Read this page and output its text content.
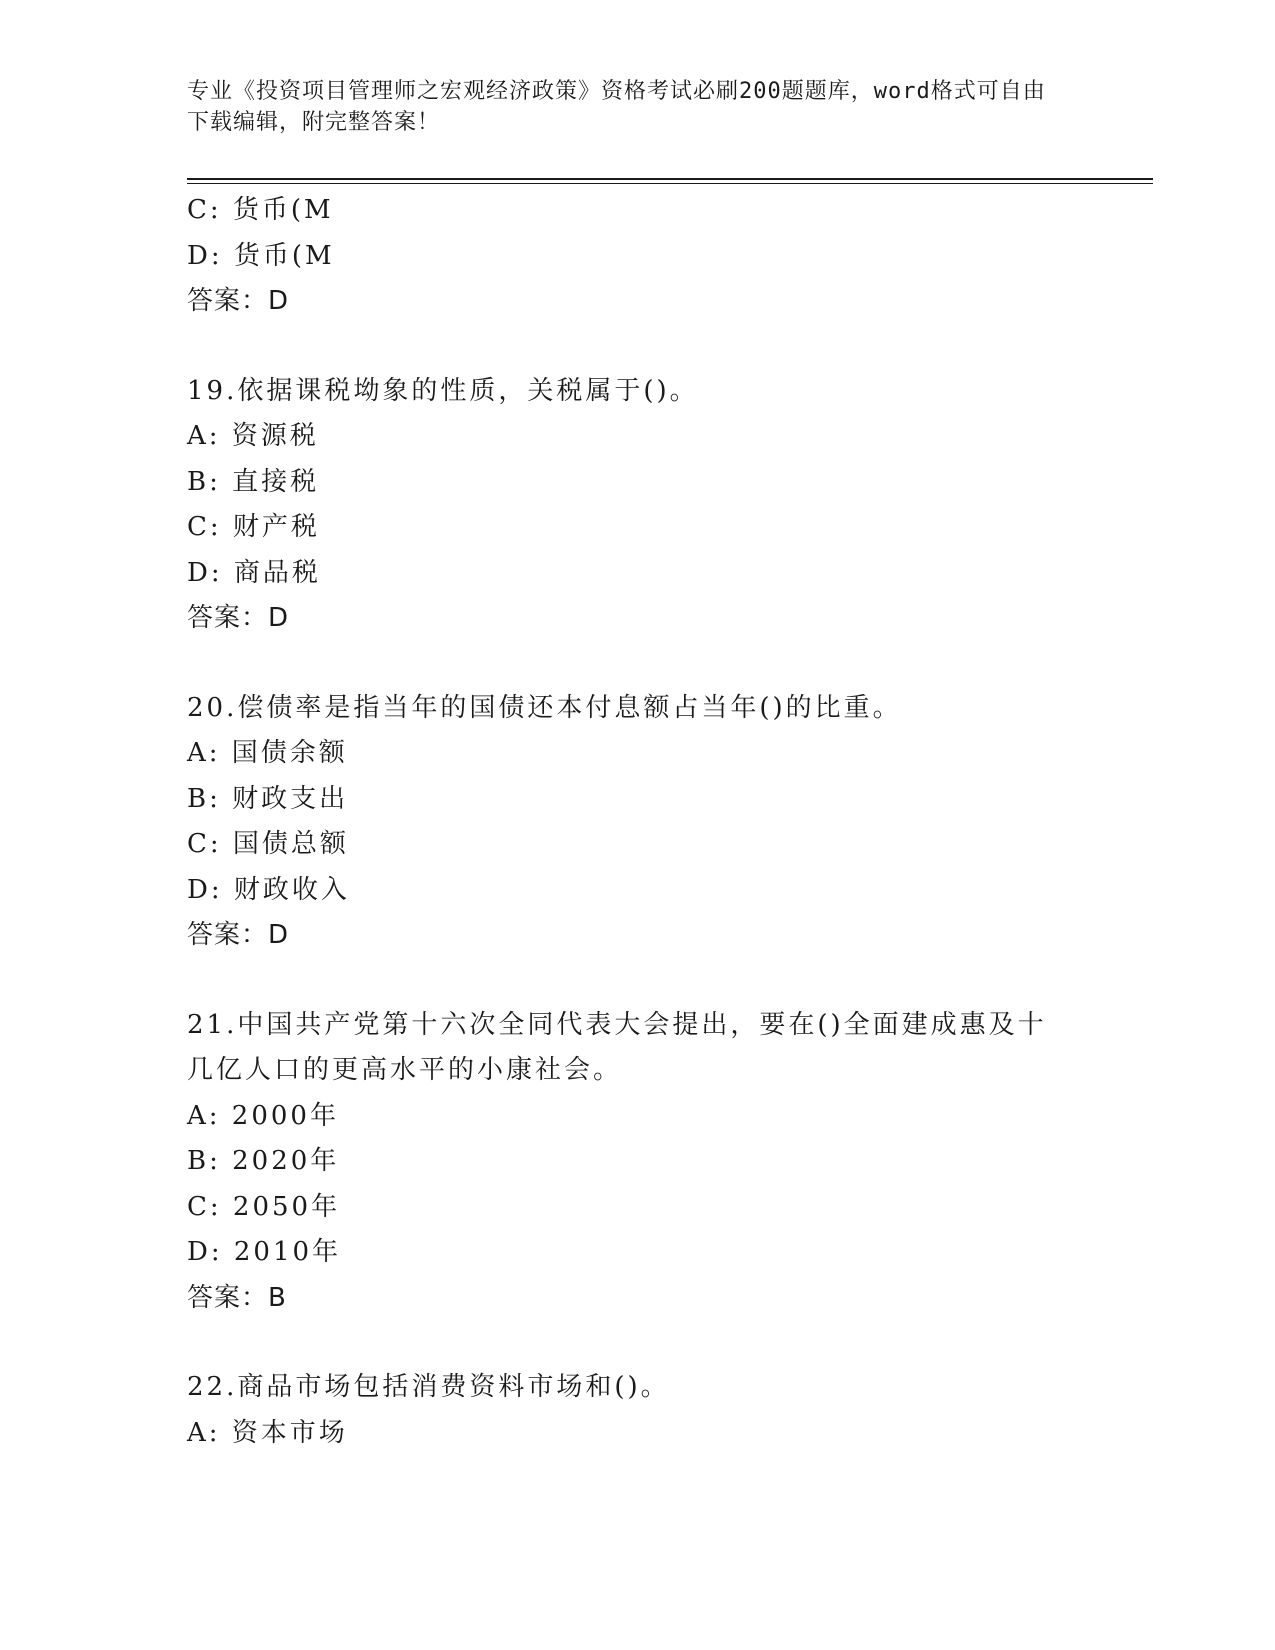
专业《投资项目管理师之宏观经济政策》资格考试必刷200题题库，word格式可自由下载编辑，附完整答案！
C: 货币(M
D: 货币(M
答案：D
19.依据课税坳象的性质，关税属于()。
A: 资源税
B: 直接税
C: 财产税
D: 商品税
答案：D
20.偿债率是指当年的国债还本付息额占当年()的比重。
A: 国债余额
B: 财政支出
C: 国债总额
D: 财政收入
答案：D
21.中国共产党第十六次全同代表大会提出，要在()全面建成惠及十几亿人口的更高水平的小康社会。
A: 2000年
B: 2020年
C: 2050年
D: 2010年
答案：B
22.商品市场包括消费资料市场和()。
A: 资本市场
